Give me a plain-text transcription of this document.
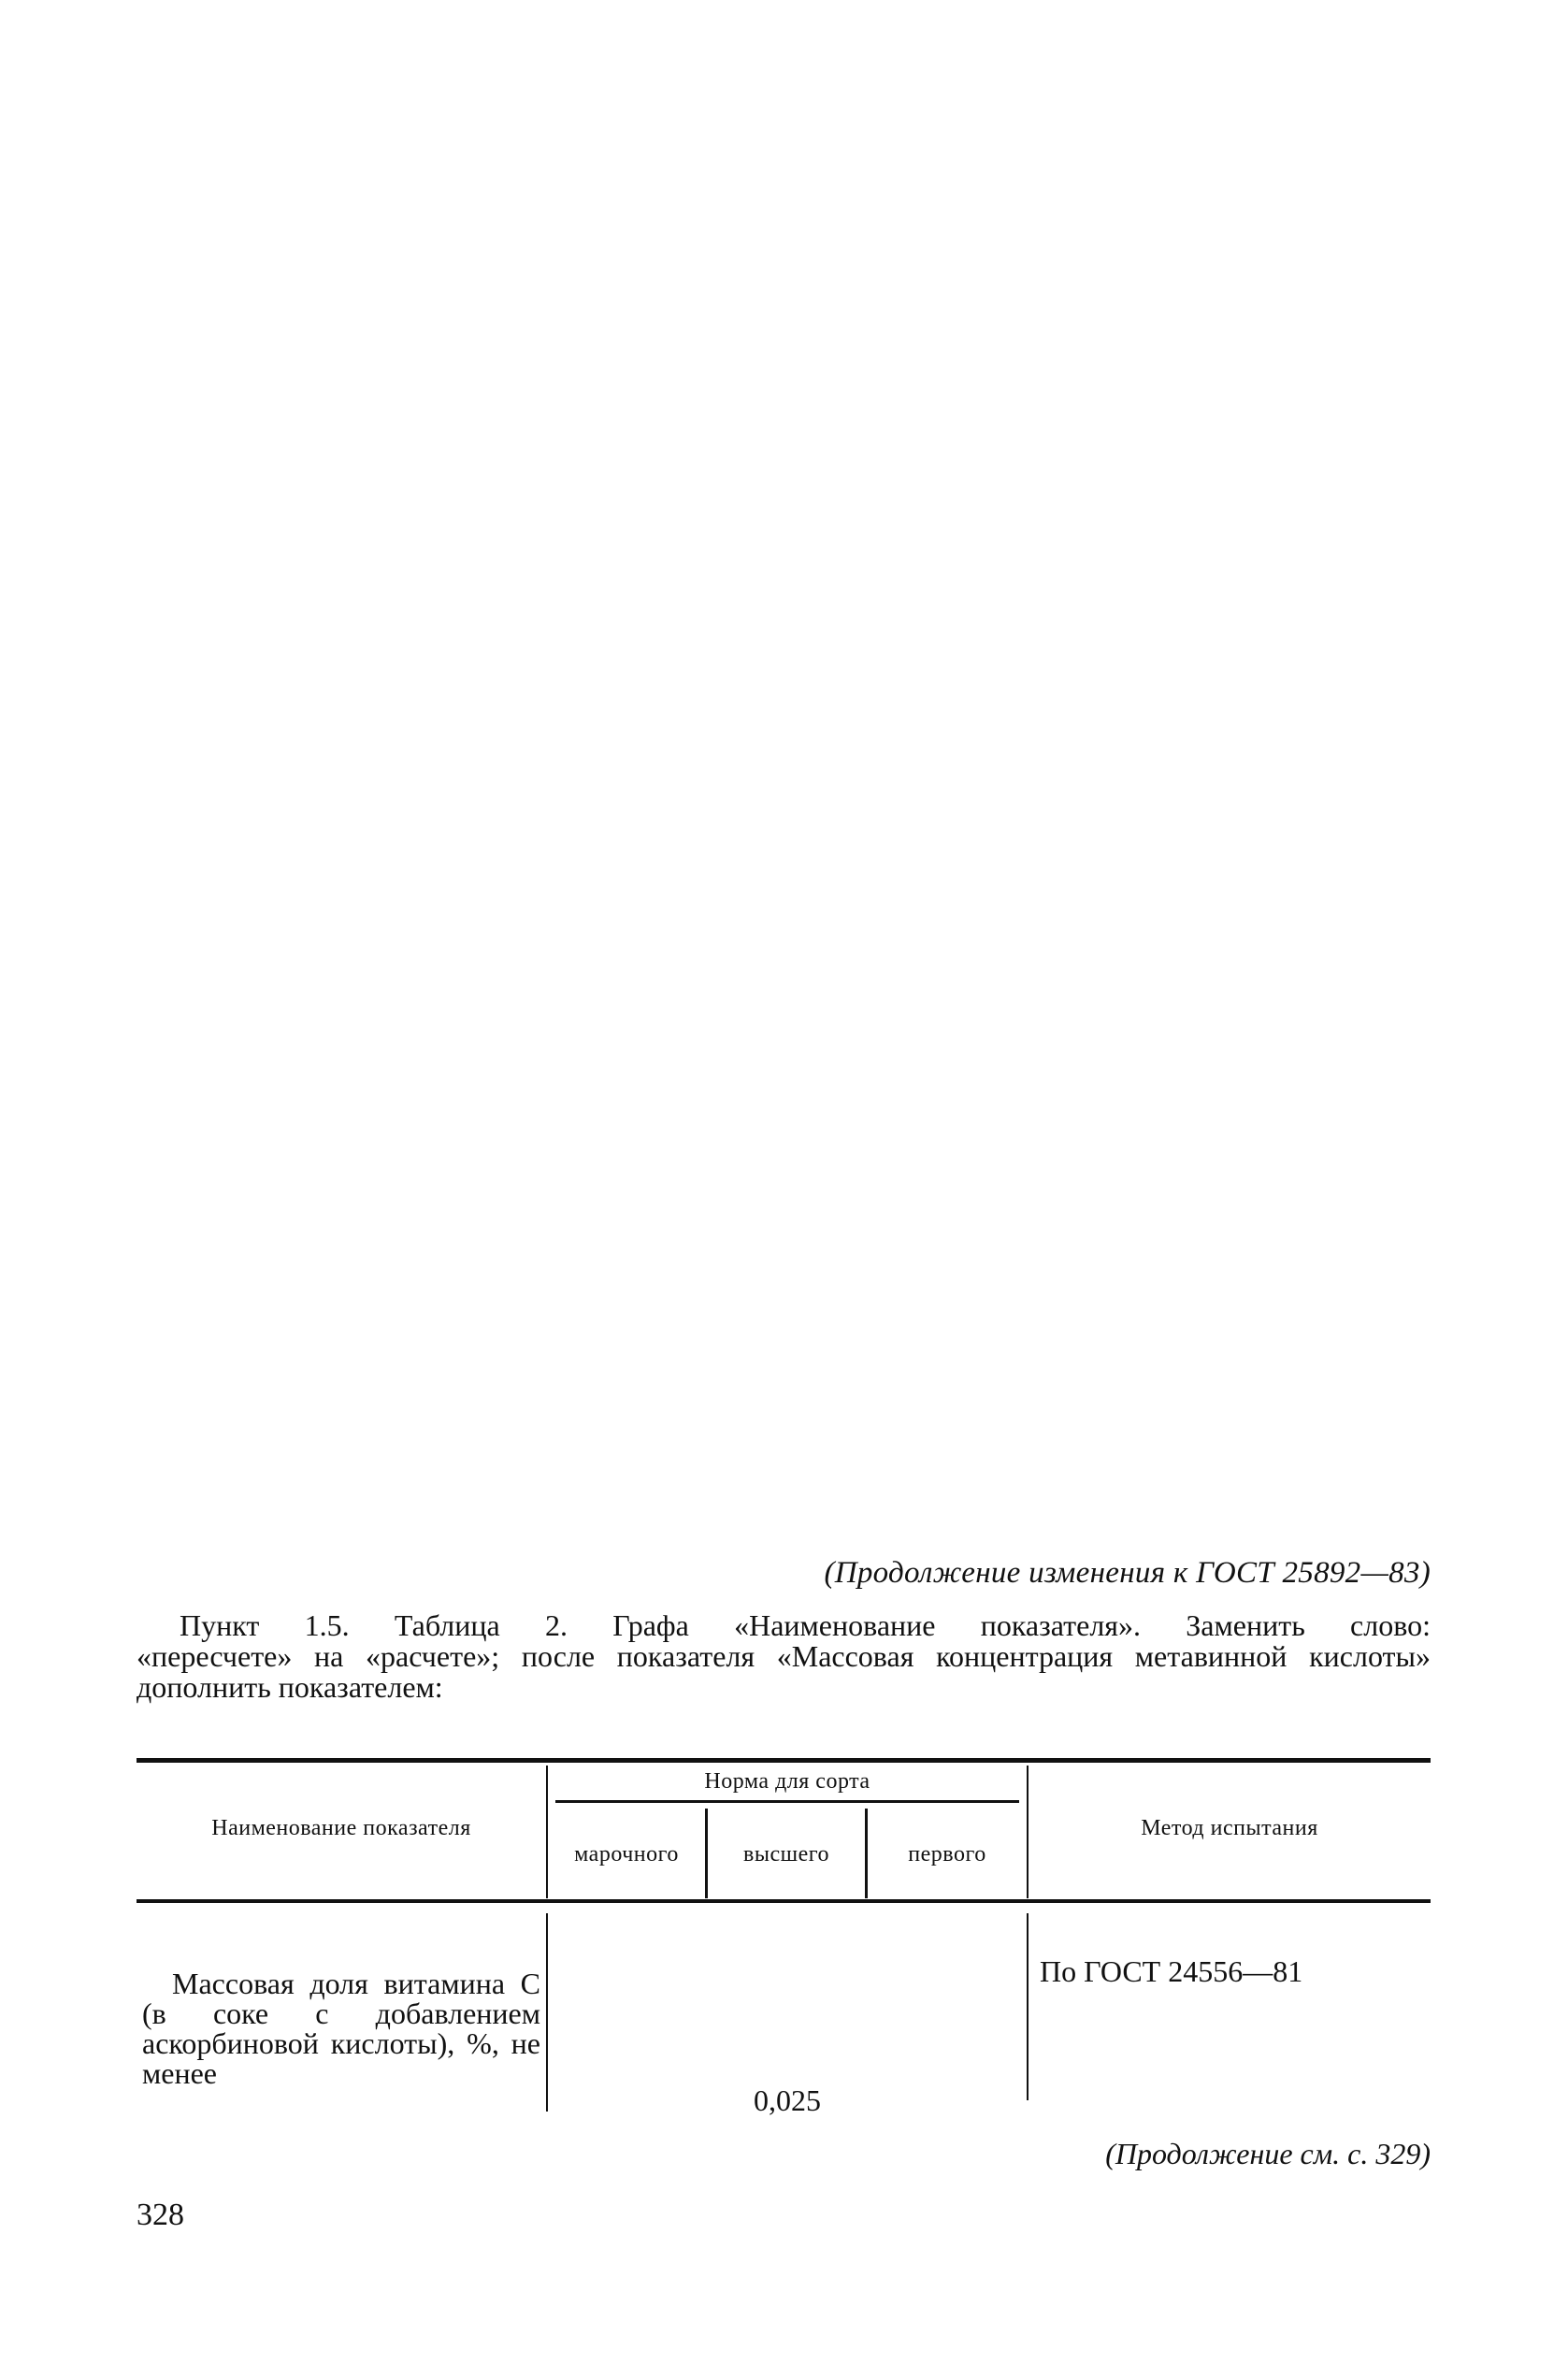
(Продолжение изменения к ГОСТ 25892—83)
Пункт 1.5. Таблица 2. Графа «Наименование показателя». Заменить слово:
«пересчете» на «расчете»; после показателя «Массовая концентрация метавинной кислоты» дополнить показателем:
Наименование показателя
Норма для сорта
марочного	высшего	первого
Метод испытания
Массовая доля витамина С (в соке с добавлением аскорбиновой кислоты), %, не менее
0,025
По ГОСТ 24556—81
(Продолжение см. с. 329)
328
